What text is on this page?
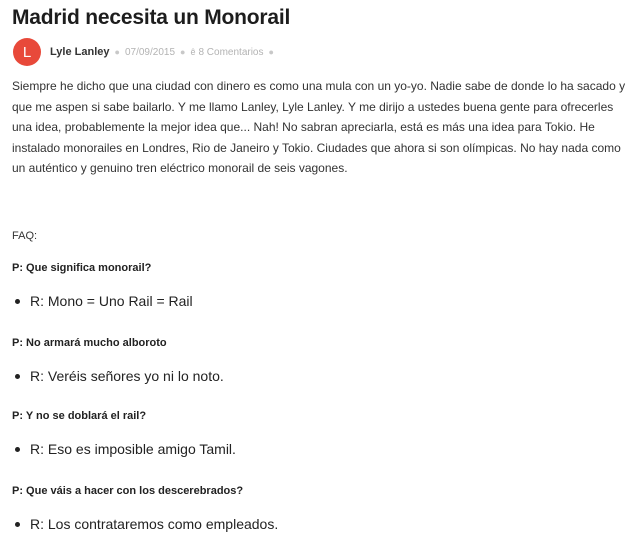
Madrid necesita un Monorail
L	Lyle Lanley ● 07/09/2015 ● ê 8 Comentarios ●

Siempre he dicho que una ciudad con dinero es como una mula con un yo-yo. Nadie sabe de donde lo ha sacado y que me aspen si sabe bailarlo. Y me llamo Lanley, Lyle Lanley. Y me dirijo a ustedes buena gente para ofrecerles una idea, probablemente la mejor idea que... Nah! No sabran apreciarla, está es más una idea para Tokio. He instalado monorailes en Londres, Rio de Janeiro y Tokio. Ciudades que ahora si son olímpicas. No hay nada como un auténtico y genuino tren eléctrico monorail de seis vagones.

FAQ:
P: Que significa monorail?
R: Mono = Uno Rail = Rail
P: No armará mucho alboroto
R: Veréis señores yo ni lo noto.
P: Y no se doblará el rail?
R: Eso es imposible amigo Tamil.
P: Que váis a hacer con los descerebrados?
R: Los contrataremos como empleados.
